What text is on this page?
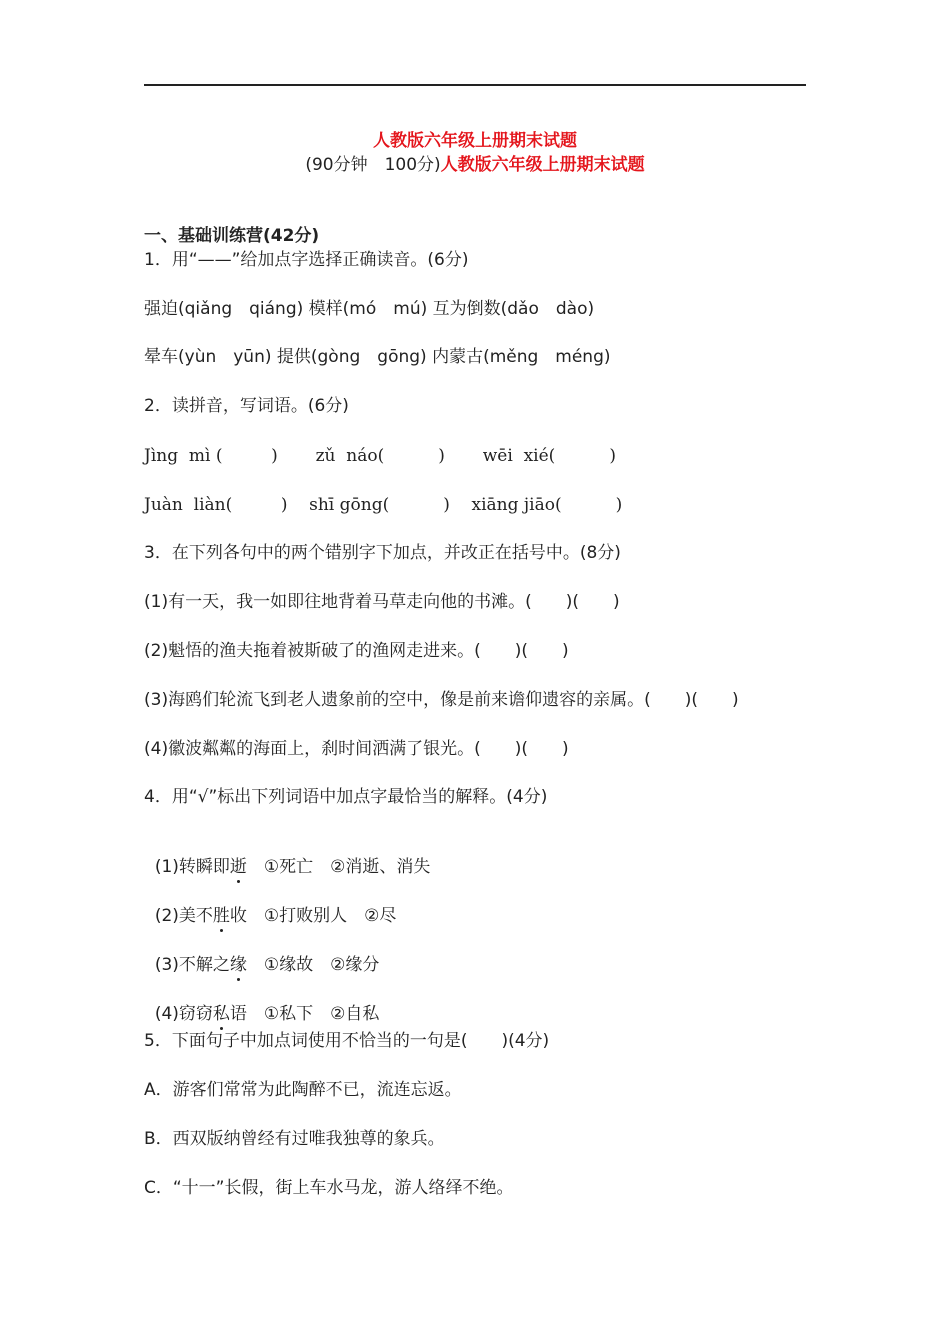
人教版六年级上册期末试题
(90分钟　100分)人教版六年级上册期末试题
一、基础训练营(42分)
1．用“——”给加点字选择正确读音。(6分)
强迫(qiǎng　qiáng) 模样(mó　mú) 互为倒数(dǎo　dào)
晕车(yùn　yūn) 提供(gòng　gōng) 内蒙古(měng　méng)
2．读拼音，写词语。(6分)
Jìng  mì (         )       zǔ  náo(          )       wēi  xié(          )
Juàn  liàn(         )    shī gōng(          )    xiāng jiāo(          )
3．在下列各句中的两个错别字下加点，并改正在括号中。(8分)
(1)有一天，我一如即往地背着马草走向他的书滩。(　　)(　　)
(2)魁悟的渔夫拖着被斯破了的渔网走进来。(　　)(　　)
(3)海鸥们轮流飞到老人遗象前的空中，像是前来谵仰遗容的亲属。(　　)(　　)
(4)徽波粼粼的海面上，刹时间洒满了银光。(　　)(　　)
4．用“√”标出下列词语中加点字最恰当的解释。(4分)

(1)转瞬即逝　 ①死亡　②消逝、消失

(2)美不胜收　 ①打败别人　②尽

(3)不解之缘　 ①缘故　②缘分

(4)窃窃私语　 ①私下　②自私

5．下面句子中加点词使用不恰当的一句是(　　)(4分)
A．游客们常常为此陶醉不已，流连忘返。
B．西双版纳曾经有过唯我独尊的象兵。
C．“十一”长假，街上车水马龙，游人络绎不绝。
